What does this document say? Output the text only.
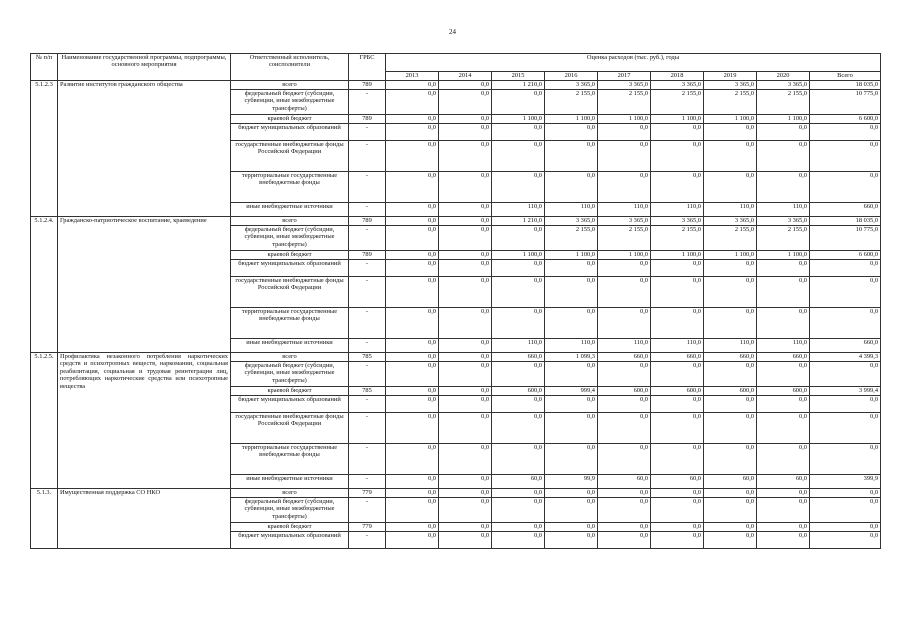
24
№ п/п	Наименование государственной программы, подпрограммы, основного мероприятия	Ответственный исполнитель, соисполнители	ГРБС	Оценка расходов (тыс. руб.), годы								
				2013	2014	2015	2016	2017	2018	2019	2020	Всего
5.1.2.3	Развитие институтов гражданского общества	всего	789	0,0	0,0	1 210,0	3 365,0	3 365,0	3 365,0	3 365,0	3 365,0	18 035,0
		федеральный бюджет (субсидии, субвенции, иные межбюджетные трансферты)	-	0,0	0,0	0,0	2 155,0	2 155,0	2 155,0	2 155,0	2 155,0	10 775,0
		краевой бюджет	789	0,0	0,0	1 100,0	1 100,0	1 100,0	1 100,0	1 100,0	1 100,0	6 600,0
		бюджет муниципальных образований	-	0,0	0,0	0,0	0,0	0,0	0,0	0,0	0,0	0,0
		государственные внебюджетные фонды Российской Федерации	-	0,0	0,0	0,0	0,0	0,0	0,0	0,0	0,0	0,0
		территориальные государственные внебюджетные фонды	-	0,0	0,0	0,0	0,0	0,0	0,0	0,0	0,0	0,0
		иные внебюджетные источники	-	0,0	0,0	110,0	110,0	110,0	110,0	110,0	110,0	660,0
5.1.2.4.	Гражданско-патриотическое воспитание, краеведение	всего	789	0,0	0,0	1 210,0	3 365,0	3 365,0	3 365,0	3 365,0	3 365,0	18 035,0
		федеральный бюджет (субсидии, субвенции, иные межбюджетные трансферты)	-	0,0	0,0	0,0	2 155,0	2 155,0	2 155,0	2 155,0	2 155,0	10 775,0
		краевой бюджет	789	0,0	0,0	1 100,0	1 100,0	1 100,0	1 100,0	1 100,0	1 100,0	6 600,0
		бюджет муниципальных образований	-	0,0	0,0	0,0	0,0	0,0	0,0	0,0	0,0	0,0
		государственные внебюджетные фонды Российской Федерации	-	0,0	0,0	0,0	0,0	0,0	0,0	0,0	0,0	0,0
		территориальные государственные внебюджетные фонды	-	0,0	0,0	0,0	0,0	0,0	0,0	0,0	0,0	0,0
		иные внебюджетные источники	-	0,0	0,0	110,0	110,0	110,0	110,0	110,0	110,0	660,0
5.1.2.5.	Профилактика незаконного потребления наркотических средств и психотропных веществ, наркомании, социальная реабилитация, социальная и трудовая реинтеграция лиц, потребляющих наркотические средства или психотропные вещества	всего	785	0,0	0,0	660,0	1 099,3	660,0	660,0	660,0	660,0	4 399,3
		федеральный бюджет (субсидии, субвенции, иные межбюджетные трансферты)	-	0,0	0,0	0,0	0,0	0,0	0,0	0,0	0,0	0,0
		краевой бюджет	785	0,0	0,0	600,0	999,4	600,0	600,0	600,0	600,0	3 999,4
		бюджет муниципальных образований	-	0,0	0,0	0,0	0,0	0,0	0,0	0,0	0,0	0,0
		государственные внебюджетные фонды Российской Федерации	-	0,0	0,0	0,0	0,0	0,0	0,0	0,0	0,0	0,0
		территориальные государственные внебюджетные фонды	-	0,0	0,0	0,0	0,0	0,0	0,0	0,0	0,0	0,0
		иные внебюджетные источники	-	0,0	0,0	60,0	99,9	60,0	60,0	60,0	60,0	399,9
5.1.3.	Имущественная поддержка СО НКО	всего	779	0,0	0,0	0,0	0,0	0,0	0,0	0,0	0,0	0,0
		федеральный бюджет (субсидии, субвенции, иные межбюджетные трансферты)	-	0,0	0,0	0,0	0,0	0,0	0,0	0,0	0,0	0,0
		краевой бюджет	779	0,0	0,0	0,0	0,0	0,0	0,0	0,0	0,0	0,0
		бюджет муниципальных образований	-	0,0	0,0	0,0	0,0	0,0	0,0	0,0	0,0	0,0
